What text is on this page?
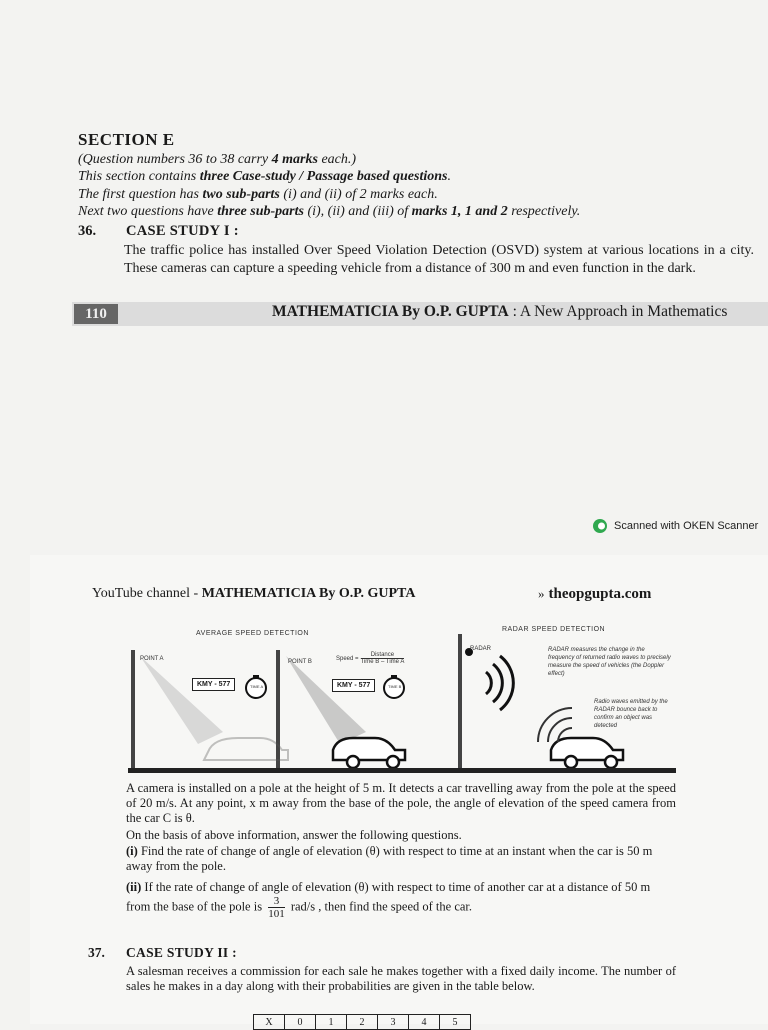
SECTION E
(Question numbers 36 to 38 carry 4 marks each.)
This section contains three Case-study / Passage based questions.
The first question has two sub-parts (i) and (ii) of 2 marks each.
Next two questions have three sub-parts (i), (ii) and (iii) of marks 1, 1 and 2 respectively.
36. CASE STUDY I :
The traffic police has installed Over Speed Violation Detection (OSVD) system at various locations in a city. These cameras can capture a speeding vehicle from a distance of 300 m and even function in the dark.
110	MATHEMATICIA By O.P. GUPTA : A New Approach in Mathematics
Scanned with OKEN Scanner
YouTube channel - MATHEMATICIA By O.P. GUPTA	» theopgupta.com
AVERAGE SPEED DETECTION
RADAR SPEED DETECTION
POINT A	POINT B
KMY - 577	KMY - 577
TIME A	TIME B
Speed =
Distance
Time B – Time A
RADAR	RADAR measures the change in the frequency of returned radio waves to precisely measure the speed of vehicles (the Doppler effect)
Radio waves emitted by the RADAR bounce back to confirm an object was detected
A camera is installed on a pole at the height of 5 m. It detects a car travelling away from the pole at the speed of 20 m/s. At any point, x m away from the base of the pole, the angle of elevation of the speed camera from the car C is θ.
On the basis of above information, answer the following questions.
(i) Find the rate of change of angle of elevation (θ) with respect to time at an instant when the car is 50 m away from the pole.
(ii) If the rate of change of angle of elevation (θ) with respect to time of another car at a distance of 50 m from the base of the pole is $\frac{3}{101} rad/s$ , then find the speed of the car.
37. CASE STUDY II :
A salesman receives a commission for each sale he makes together with a fixed daily income. The number of sales he makes in a day along with their probabilities are given in the table below.
X	0	1	2	3	4	5
